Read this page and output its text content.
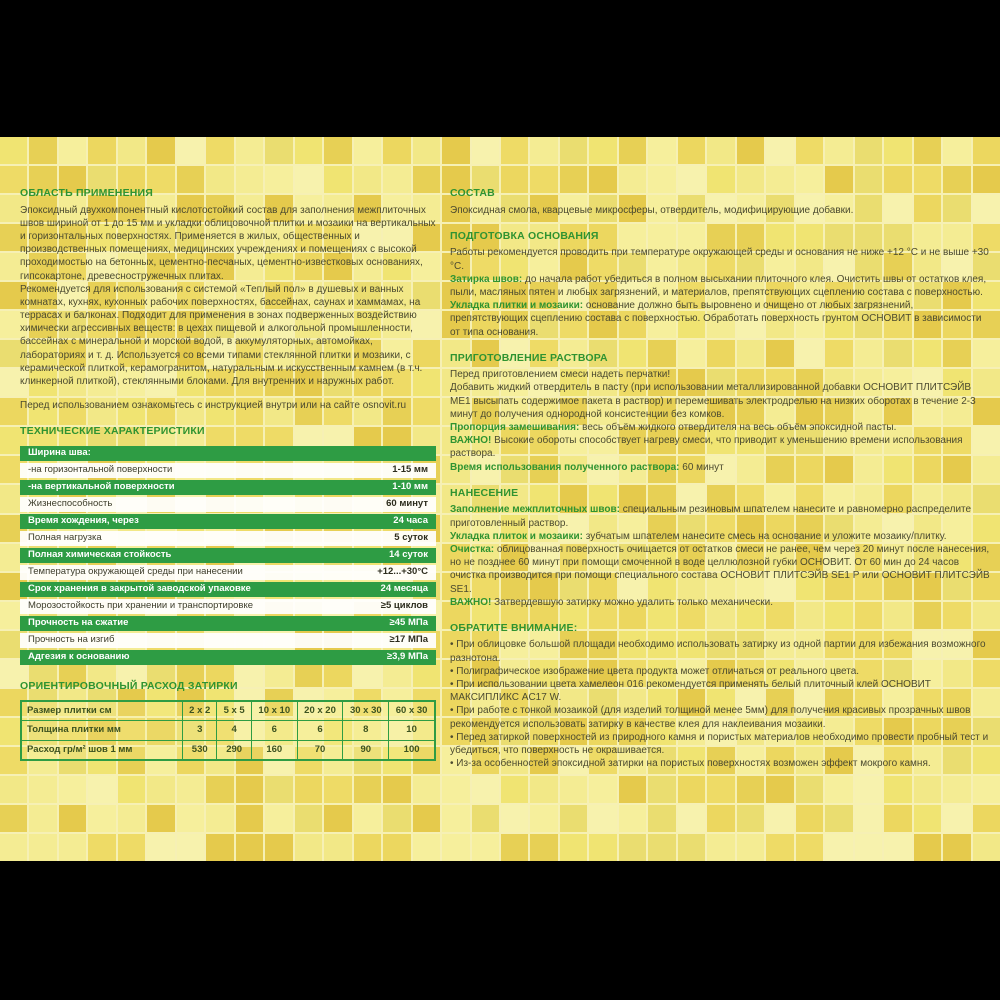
ОБЛАСТЬ ПРИМЕНЕНИЯ

Эпоксидный двухкомпонентный кислотостойкий состав для заполнения межплиточных швов шириной от 1 до 15 мм и укладки облицовочной плитки и мозаики на вертикальных и горизонтальных поверхностях. Применяется в жилых, общественных и производственных помещениях, медицинских учреждениях и помещениях с высокой проходимостью на бетонных, цементно-песчаных, цементно-известковых основаниях, гипсокартоне, древесностружечных плитах.

Рекомендуется для использования с системой «Теплый пол» в душевых и ванных комнатах, кухнях, кухонных рабочих поверхностях, бассейнах, саунах и хаммамах, на террасах и балконах. Подходит для применения в зонах подверженных воздействию химически агрессивных веществ: в цехах пищевой и алкогольной промышленности, бассейнах с минеральной и морской водой, в аккумуляторных, автомойках, лабораториях и т. д. Используется со всеми типами стеклянной плитки и мозаики, с керамической плиткой, керамогранитом, натуральным и искусственным камнем (в т.ч. клинкерной плиткой), стеклянными блоками. Для внутренних и наружных работ.

Перед использованием ознакомьтесь с инструкцией внутри или на сайте osnovit.ru

ТЕХНИЧЕСКИЕ ХАРАКТЕРИСТИКИ
Ширина шва:	
-на горизонтальной поверхности	1-15 мм
-на вертикальной поверхности	1-10 мм
Жизнеспособность	60 минут
Время хождения, через	24 часа
Полная нагрузка	5 суток
Полная химическая стойкость	14 суток
Температура окружающей среды при нанесении	+12...+30°С
Срок хранения в закрытой заводской упаковке	24 месяца
Морозостойкость при хранении и транспортировке	≥5 циклов
Прочность на сжатие	≥45 МПа
Прочность на изгиб	≥17 МПа
Адгезия к основанию	≥3,9 МПа
ОРИЕНТИРОВОЧНЫЙ РАСХОД ЗАТИРКИ
Размер плитки см	2 х 2	5 х 5	10 х 10	20 х 20	30 х 30	60 х 30
Толщина плитки мм	3	4	6	6	8	10
Расход гр/м² шов 1 мм	530	290	160	70	90	100
СОСТАВ

Эпоксидная смола, кварцевые микросферы, отвердитель, модифицирующие добавки.

ПОДГОТОВКА ОСНОВАНИЯ

Работы рекомендуется проводить при температуре окружающей среды и основания не ниже +12 °С и не выше +30 °С.

Затирка швов: до начала работ убедиться в полном высыхании плиточного клея. Очистить швы от остатков клея, пыли, масляных пятен и любых загрязнений, и материалов, препятствующих сцеплению состава с поверхностью.

Укладка плитки и мозаики: основание должно быть выровнено и очищено от любых загрязнений, препятствующих сцеплению состава с поверхностью. Обработать поверхность грунтом ОСНОВИТ в зависимости от типа основания.

ПРИГОТОВЛЕНИЕ РАСТВОРА

Перед приготовлением смеси надеть перчатки!

Добавить жидкий отвердитель в пасту (при использовании металлизированной добавки ОСНОВИТ ПЛИТСЭЙВ ME1 высыпать содержимое пакета в раствор) и перемешивать электродрелью на низких оборотах в течение 2-3 минут до получения однородной консистенции без комков.

Пропорция замешивания: весь объём жидкого отвердителя на весь объём эпоксидной пасты.

ВАЖНО! Высокие обороты способствует нагреву смеси, что приводит к уменьшению времени использования раствора.

Время использования полученного раствора: 60 минут

НАНЕСЕНИЕ

Заполнение межплиточных швов: специальным резиновым шпателем нанесите и равномерно распределите приготовленный раствор.

Укладка плиток и мозаики: зубчатым шпателем нанесите смесь на основание и уложите мозаику/плитку.

Очистка: облицованная поверхность очищается от остатков смеси не ранее, чем через 20 минут после нанесения, но не позднее 60 минут при помощи смоченной в воде целлюлозной губки ОСНОВИТ. От 60 мин до 24 часов очистка производится при помощи специального состава ОСНОВИТ ПЛИТСЭЙВ SE1 P или ОСНОВИТ ПЛИТСЭЙВ SE1.

ВАЖНО! Затвердевшую затирку можно удалить только механически.

ОБРАТИТЕ ВНИМАНИЕ:

• При облицовке большой площади необходимо использовать затирку из одной партии для избежания возможного разнотона.

• Полиграфическое изображение цвета продукта может отличаться от реального цвета.

• При использовании цвета хамелеон 016 рекомендуется применять белый плиточный клей ОСНОВИТ МАКСИПЛИКС AC17 W.

• При работе с тонкой мозаикой (для изделий толщиной менее 5мм) для получения красивых прозрачных швов рекомендуется использовать затирку в качестве клея для наклеивания мозаики.

• Перед затиркой поверхностей из природного камня и пористых материалов необходимо провести пробный тест и убедиться, что поверхность не окрашивается.

• Из-за особенностей эпоксидной затирки на пористых поверхностях возможен эффект мокрого камня.
